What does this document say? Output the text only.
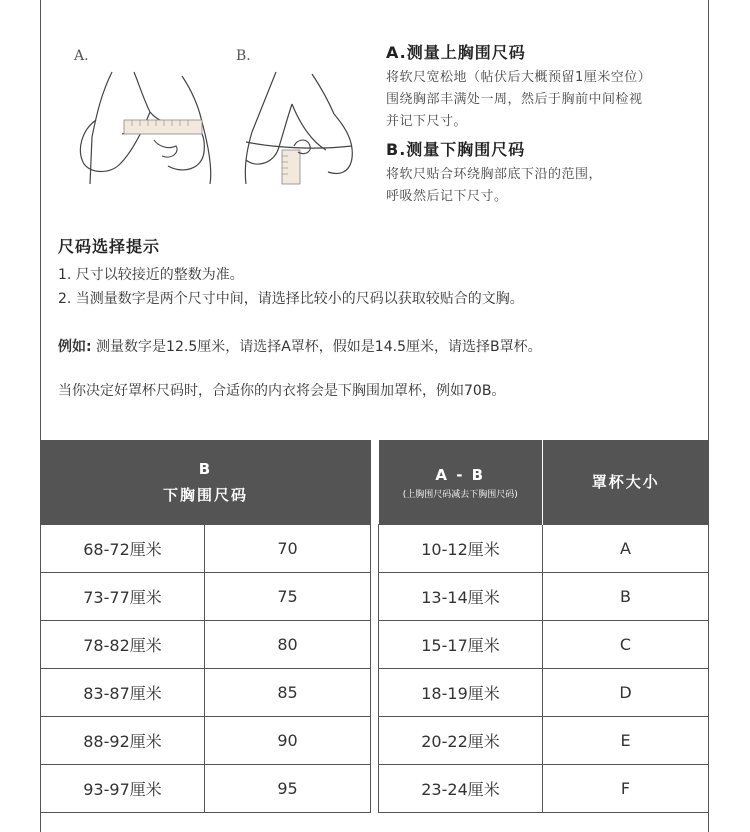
A.	B.	A.测量上胸围尺码

将软尺宽松地（帖伏后大概预留1厘米空位）

围绕胸部丰满处一周，然后于胸前中间检视

并记下尺寸。

B.测量下胸围尺码

将软尺贴合环绕胸部底下沿的范围，

呼吸然后记下尺寸。

尺码选择提示

1. 尺寸以较接近的整数为准。

2. 当测量数字是两个尺寸中间，请选择比较小的尺码以获取较贴合的文胸。

例如: 测量数字是12.5厘米，请选择A罩杯，假如是14.5厘米，请选择B罩杯。
当你决定好罩杯尺码时，合适你的内衣将会是下胸围加罩杯，例如70B。
B
下胸围尺码	

68-72厘米	70
73-77厘米	75
78-82厘米	80
83-87厘米	85
88-92厘米	90
93-97厘米	95
A - B
(上胸围尺码减去下胸围尺码)	罩杯大小

10-12厘米	A
13-14厘米	B
15-17厘米	C
18-19厘米	D
20-22厘米	E
23-24厘米	F
